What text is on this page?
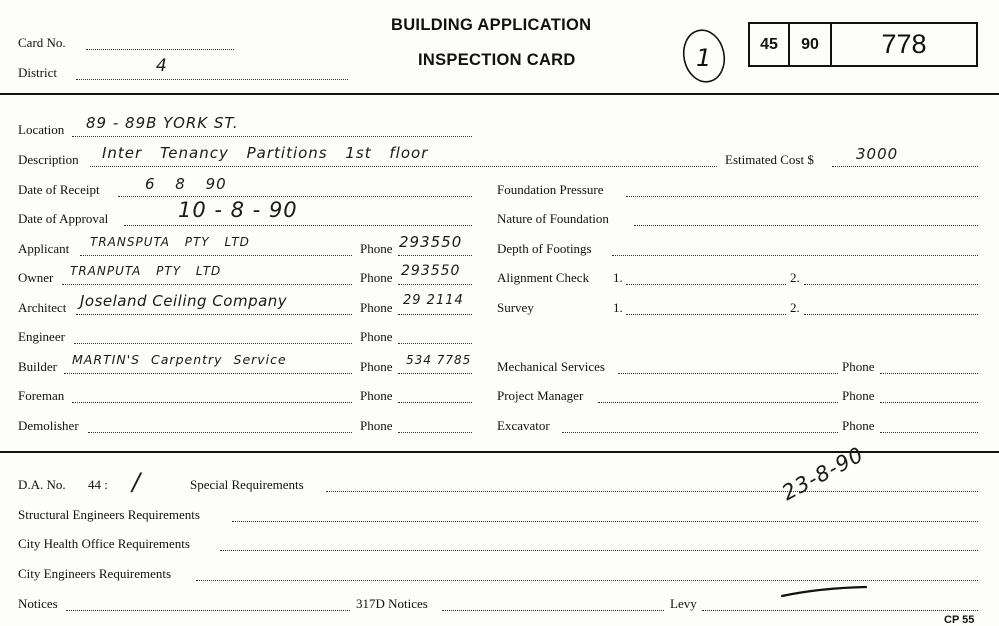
Card No.
District	4
BUILDING APPLICATION
INSPECTION CARD	1	45 90 778
Location 89 - 89B YORK ST.
Description Inter Tenancy Partitions 1st floor
Date of Receipt	6 8 90
Date of Approval	10 - 8 - 90
Applicant TRANSPUTA PTY LTD	Phone 293550
Owner TRANPUTA PTY LTD	Phone 293550
Architect Joseland Ceiling Company	Phone 29 2114
Engineer	Phone
Builder MARTIN'S Carpentry Service	Phone 534 7785
Foreman	Phone
Demolisher	Phone
Estimated Cost $	3000
Foundation Pressure
Nature of Foundation
Depth of Footings
Alignment Check 1.	2.
Survey	1.	2.
Mechanical Services	Phone
Project Manager	Phone
Excavator	Phone
D.A. No. 44 : /	Special Requirements	23-8-90
Structural Engineers Requirements
City Health Office Requirements
City Engineers Requirements
Notices	317D Notices	Levy
CP 55
